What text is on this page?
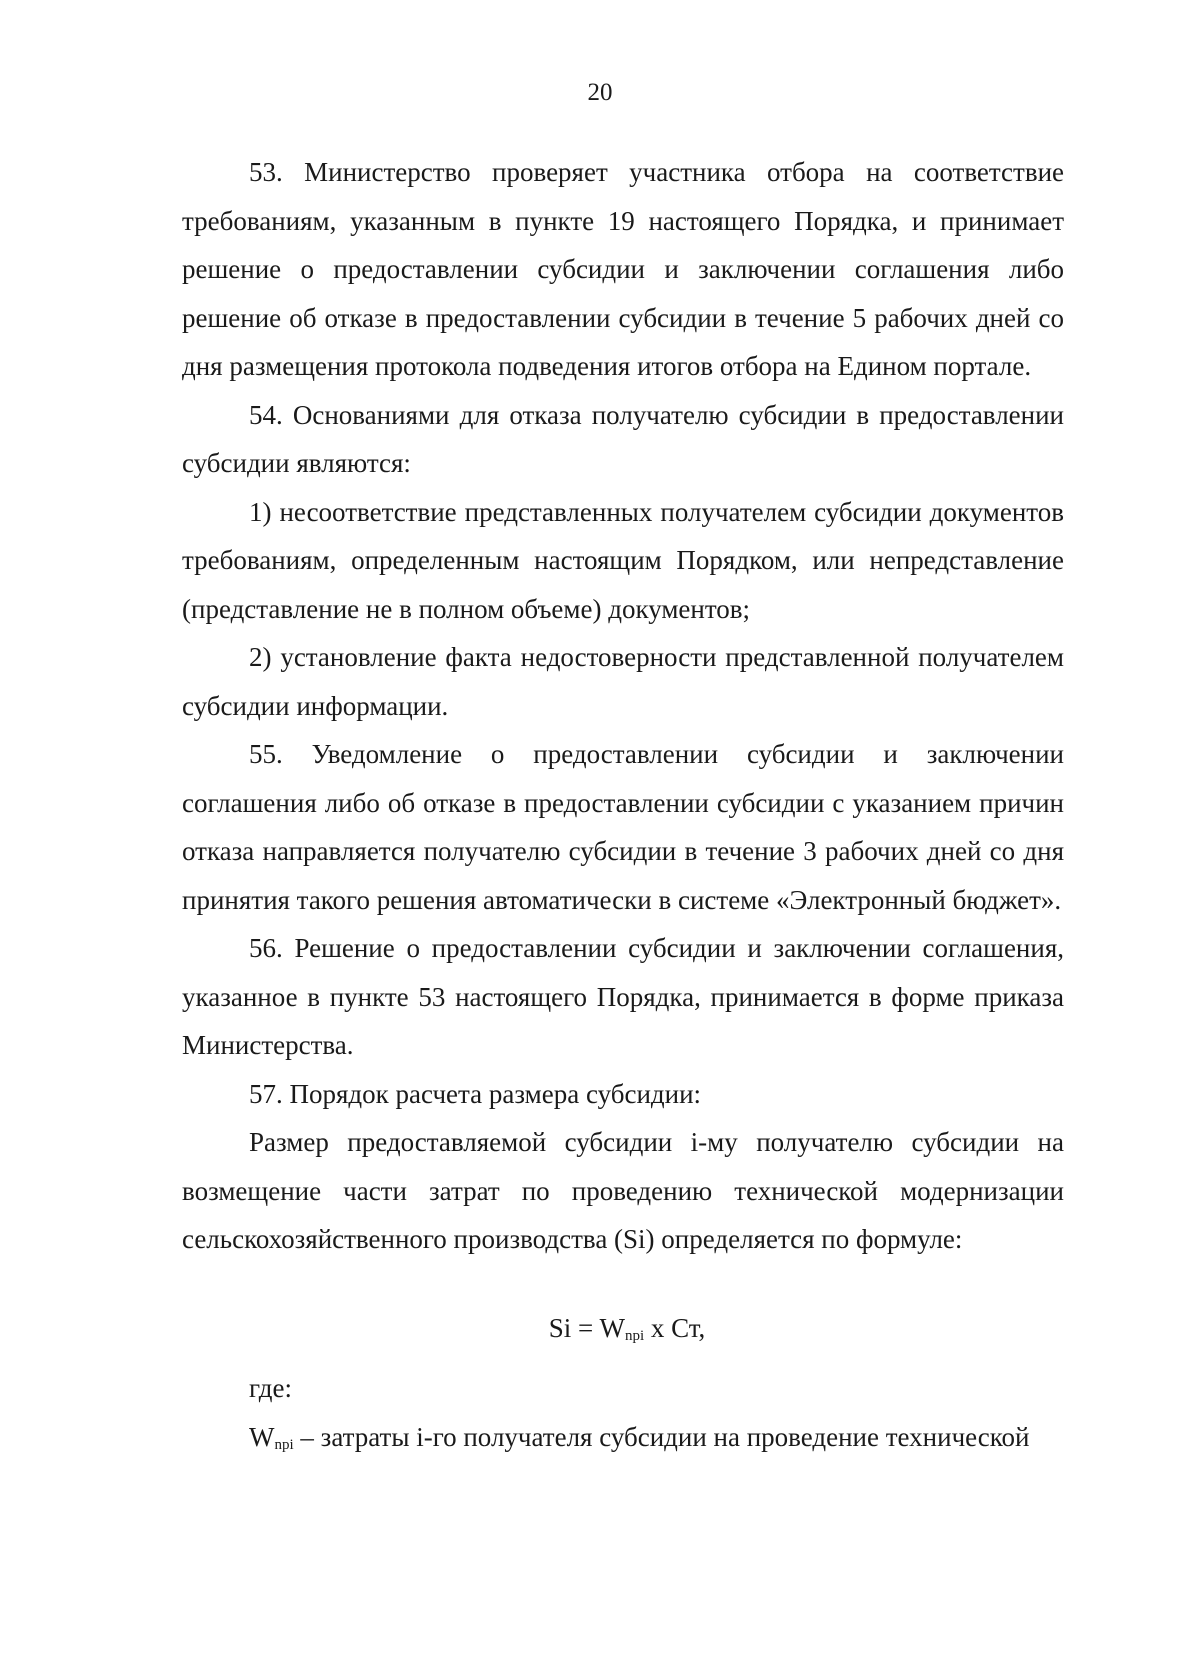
20

53. Министерство проверяет участника отбора на соответствие требованиям, указанным в пункте 19 настоящего Порядка, и принимает решение о предоставлении субсидии и заключении соглашения либо решение об отказе в предоставлении субсидии в течение 5 рабочих дней со дня размещения протокола подведения итогов отбора на Едином портале.

54. Основаниями для отказа получателю субсидии в предоставлении субсидии являются:

1) несоответствие представленных получателем субсидии документов требованиям, определенным настоящим Порядком, или непредставление (представление не в полном объеме) документов;

2) установление факта недостоверности представленной получателем субсидии информации.

55. Уведомление о предоставлении субсидии и заключении соглашения либо об отказе в предоставлении субсидии с указанием причин отказа направляется получателю субсидии в течение 3 рабочих дней со дня принятия такого решения автоматически в системе «Электронный бюджет».

56. Решение о предоставлении субсидии и заключении соглашения, указанное в пункте 53 настоящего Порядка, принимается в форме приказа Министерства.

57. Порядок расчета размера субсидии:

Размер предоставляемой субсидии i-му получателю субсидии на возмещение части затрат по проведению технической модернизации сельскохозяйственного производства (Si) определяется по формуле:

$Si = W_{npi}$ x Ст,

где:

$W_{npi}$ – затраты i-го получателя субсидии на проведение технической
